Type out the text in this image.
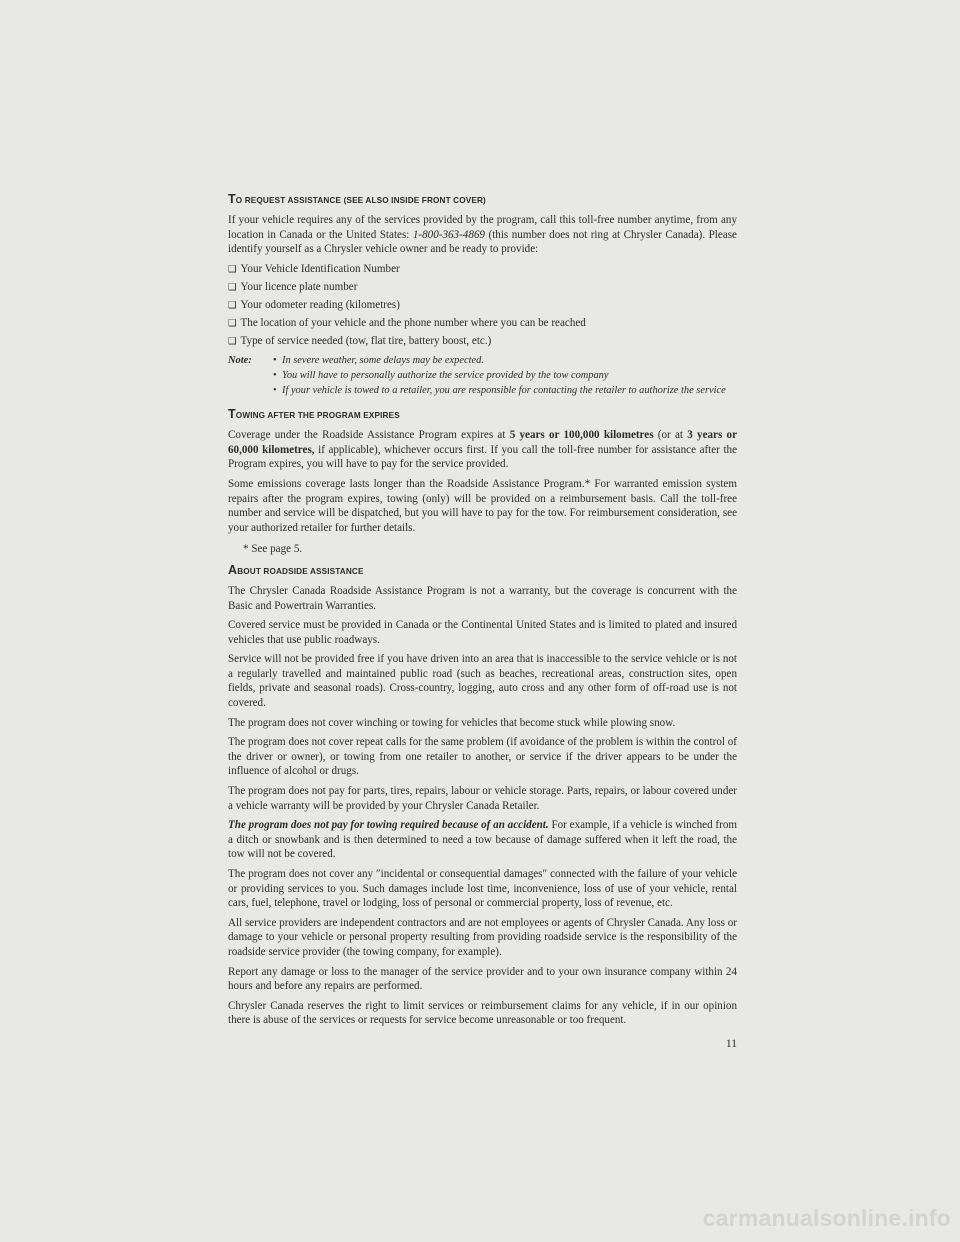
TO REQUEST ASSISTANCE (SEE ALSO INSIDE FRONT COVER)

If your vehicle requires any of the services provided by the program, call this toll-free number anytime, from any location in Canada or the United States: 1-800-363-4869 (this number does not ring at Chrysler Canada). Please identify yourself as a Chrysler vehicle owner and be ready to provide:

❑ Your Vehicle Identification Number
❑ Your licence plate number
❑ Your odometer reading (kilometres)
❑ The location of your vehicle and the phone number where you can be reached
❑ Type of service needed (tow, flat tire, battery boost, etc.)
Note:	• In severe weather, some delays may be expected.
• You will have to personally authorize the service provided by the tow company
• If your vehicle is towed to a retailer, you are responsible for contacting the retailer to authorize the service
TOWING AFTER THE PROGRAM EXPIRES

Coverage under the Roadside Assistance Program expires at 5 years or 100,000 kilometres (or at 3 years or 60,000 kilometres, if applicable), whichever occurs first. If you call the toll-free number for assistance after the Program expires, you will have to pay for the service provided.

Some emissions coverage lasts longer than the Roadside Assistance Program.* For warranted emission system repairs after the program expires, towing (only) will be provided on a reimbursement basis. Call the toll-free number and service will be dispatched, but you will have to pay for the tow. For reimbursement consideration, see your authorized retailer for further details.

* See page 5.

ABOUT ROADSIDE ASSISTANCE

The Chrysler Canada Roadside Assistance Program is not a warranty, but the coverage is concurrent with the Basic and Powertrain Warranties.

Covered service must be provided in Canada or the Continental United States and is limited to plated and insured vehicles that use public roadways.

Service will not be provided free if you have driven into an area that is inaccessible to the service vehicle or is not a regularly travelled and maintained public road (such as beaches, recreational areas, construction sites, open fields, private and seasonal roads). Cross-country, logging, auto cross and any other form of off-road use is not covered.

The program does not cover winching or towing for vehicles that become stuck while plowing snow.

The program does not cover repeat calls for the same problem (if avoidance of the problem is within the control of the driver or owner), or towing from one retailer to another, or service if the driver appears to be under the influence of alcohol or drugs.

The program does not pay for parts, tires, repairs, labour or vehicle storage. Parts, repairs, or labour covered under a vehicle warranty will be provided by your Chrysler Canada Retailer.

The program does not pay for towing required because of an accident. For example, if a vehicle is winched from a ditch or snowbank and is then determined to need a tow because of damage suffered when it left the road, the tow will not be covered.

The program does not cover any ″incidental or consequential damages″ connected with the failure of your vehicle or providing services to you. Such damages include lost time, inconvenience, loss of use of your vehicle, rental cars, fuel, telephone, travel or lodging, loss of personal or commercial property, loss of revenue, etc.

All service providers are independent contractors and are not employees or agents of Chrysler Canada. Any loss or damage to your vehicle or personal property resulting from providing roadside service is the responsibility of the roadside service provider (the towing company, for example).

Report any damage or loss to the manager of the service provider and to your own insurance company within 24 hours and before any repairs are performed.

Chrysler Canada reserves the right to limit services or reimbursement claims for any vehicle, if in our opinion there is abuse of the services or requests for service become unreasonable or too frequent.

11
carmanualsonline.info
